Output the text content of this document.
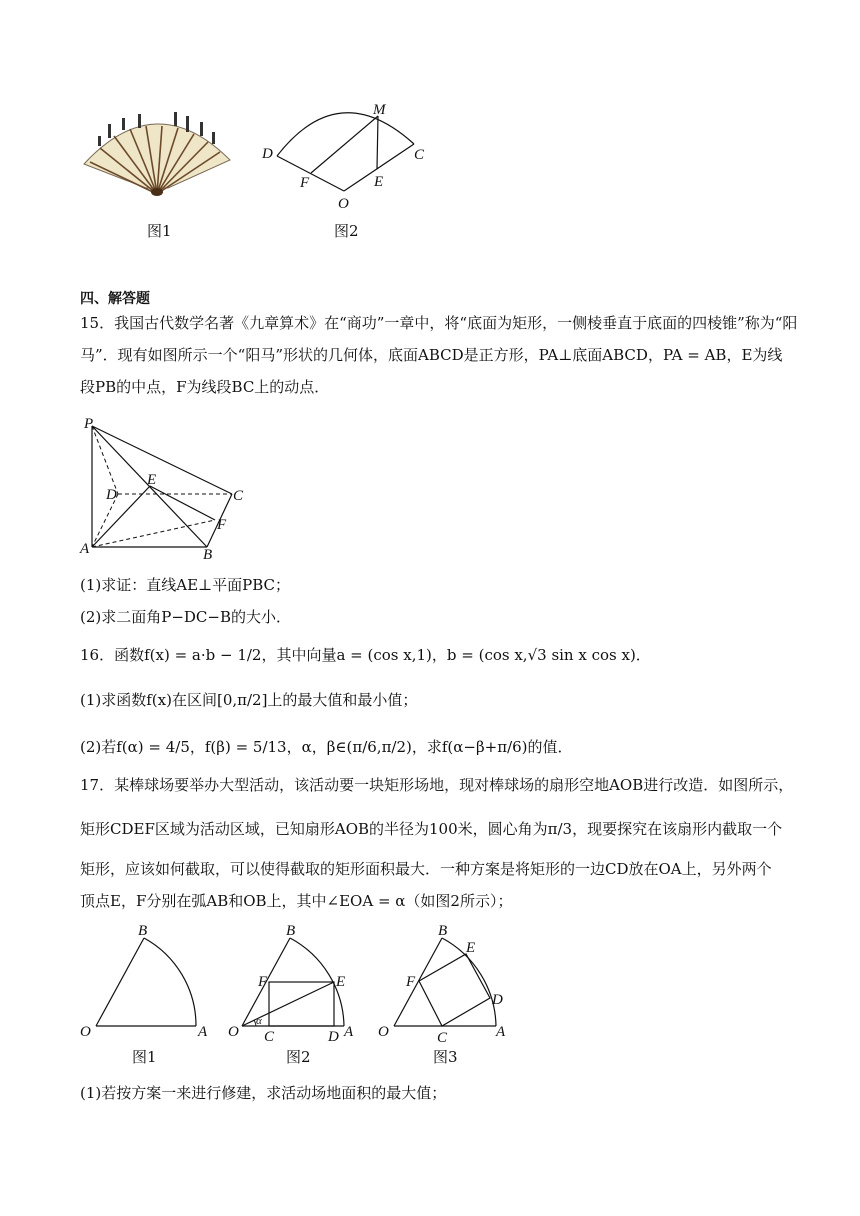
图1
M
D	C
F	E
O
图2
四、解答题
15．我国古代数学名著《九章算术》在“商功”一章中，将“底面为矩形，一侧棱垂直于底面的四棱锥”称为“阳
马”．现有如图所示一个“阳马”形状的几何体，底面ABCD是正方形，PA⊥底面ABCD，PA = AB，E为线
段PB的中点，F为线段BC上的动点．
P
D
E
C
F
A	B
(1)求证：直线AE⊥平面PBC；
(2)求二面角P−DC−B的大小．
16．函数f(x) = a·b − 1/2，其中向量a = (cos x,1)，b = (cos x,√3 sin x cos x)．
(1)求函数f(x)在区间[0,π/2]上的最大值和最小值；
(2)若f(α) = 4/5，f(β) = 5/13，α，β∈(π/6,π/2)，求f(α−β+π/6)的值．
17．某棒球场要举办大型活动，该活动要一块矩形场地，现对棒球场的扇形空地AOB进行改造．如图所示，
矩形CDEF区域为活动区域，已知扇形AOB的半径为100米，圆心角为π/3，现要探究在该扇形内截取一个
矩形，应该如何截取，可以使得截取的矩形面积最大．一种方案是将矩形的一边CD放在OA上，另外两个
顶点E，F分别在弧AB和OB上，其中∠EOA = α（如图2所示）；
B
O	A
图1
B
F	E
O
α
C	D A
图2
B
E
F
D
O	C	A
图3
(1)若按方案一来进行修建，求活动场地面积的最大值；
